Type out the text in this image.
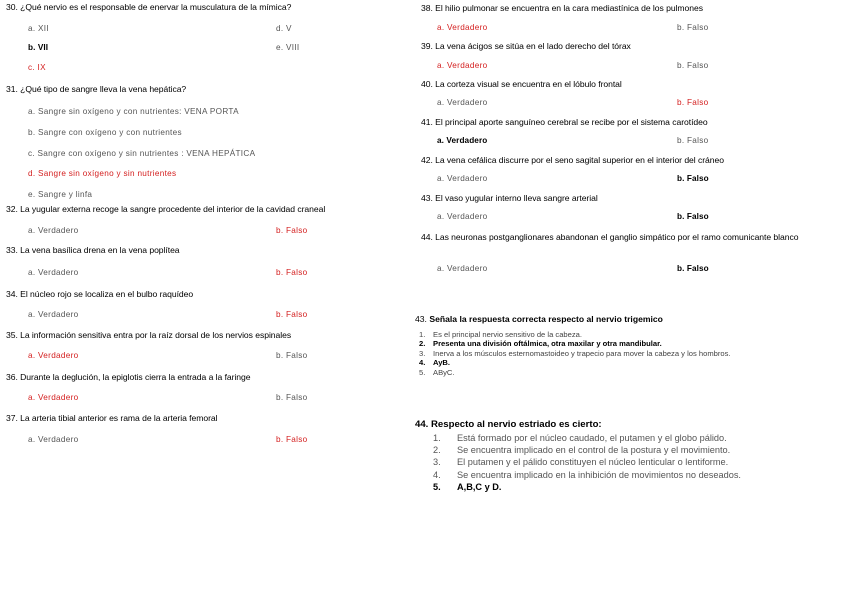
30. ¿Qué nervio es el responsable de enervar la musculatura de la mímica?
a. XII	d. V
b. VII	e. VIII
c. IX
31. ¿Qué tipo de sangre lleva la vena hepática?
a. Sangre sin oxígeno y con nutrientes: VENA PORTA
b. Sangre con oxígeno y con nutrientes
c. Sangre con oxígeno y sin nutrientes : VENA HEPÁTICA
d. Sangre sin oxígeno y sin nutrientes
e. Sangre y linfa
32. La yugular externa recoge la sangre procedente del interior de la cavidad craneal
a. Verdadero	b. Falso
33. La vena basílica drena en la vena poplítea
a. Verdadero	b. Falso
34. El núcleo rojo se localiza en el bulbo raquídeo
a. Verdadero	b. Falso
35. La información sensitiva entra por la raíz dorsal de los nervios espinales
a. Verdadero	b. Falso
36. Durante la deglución, la epiglotis cierra la entrada a la faringe
a. Verdadero	b. Falso
37. La arteria tibial anterior es rama de la arteria femoral
a. Verdadero	b. Falso
38. El hilio pulmonar se encuentra en la cara mediastínica de los pulmones
a. Verdadero	b. Falso
39. La vena ácigos se sitúa en el lado derecho del tórax
a. Verdadero	b. Falso
40. La corteza visual se encuentra en el lóbulo frontal
a. Verdadero	b. Falso
41. El principal aporte sanguíneo cerebral se recibe por el sistema carotídeo
a. Verdadero	b. Falso
42. La vena cefálica discurre por el seno sagital superior en el interior del cráneo
a. Verdadero	b. Falso
43. El vaso yugular interno lleva sangre arterial
a. Verdadero	b. Falso
44. Las neuronas postganglionares abandonan el ganglio simpático por el ramo comunicante blanco
a. Verdadero	b. Falso
43. Señala la respuesta correcta respecto al nervio trigemico
1. Es el principal nervio sensitivo de la cabeza.
2. Presenta una división oftálmica, otra maxilar y otra mandibular.
3. Inerva a los músculos esternomastoideo y trapecio para mover la cabeza y los hombros.
4. AyB.
5. AByC.
44. Respecto al nervio estriado es cierto:
1. Está formado por el núcleo caudado, el putamen y el globo pálido.
2. Se encuentra implicado en el control de la postura y el movimiento.
3. El putamen y el pálido constituyen el núcleo lenticular o lentiforme.
4. Se encuentra implicado en la inhibición de movimientos no deseados.
5. A,B,C y D.
